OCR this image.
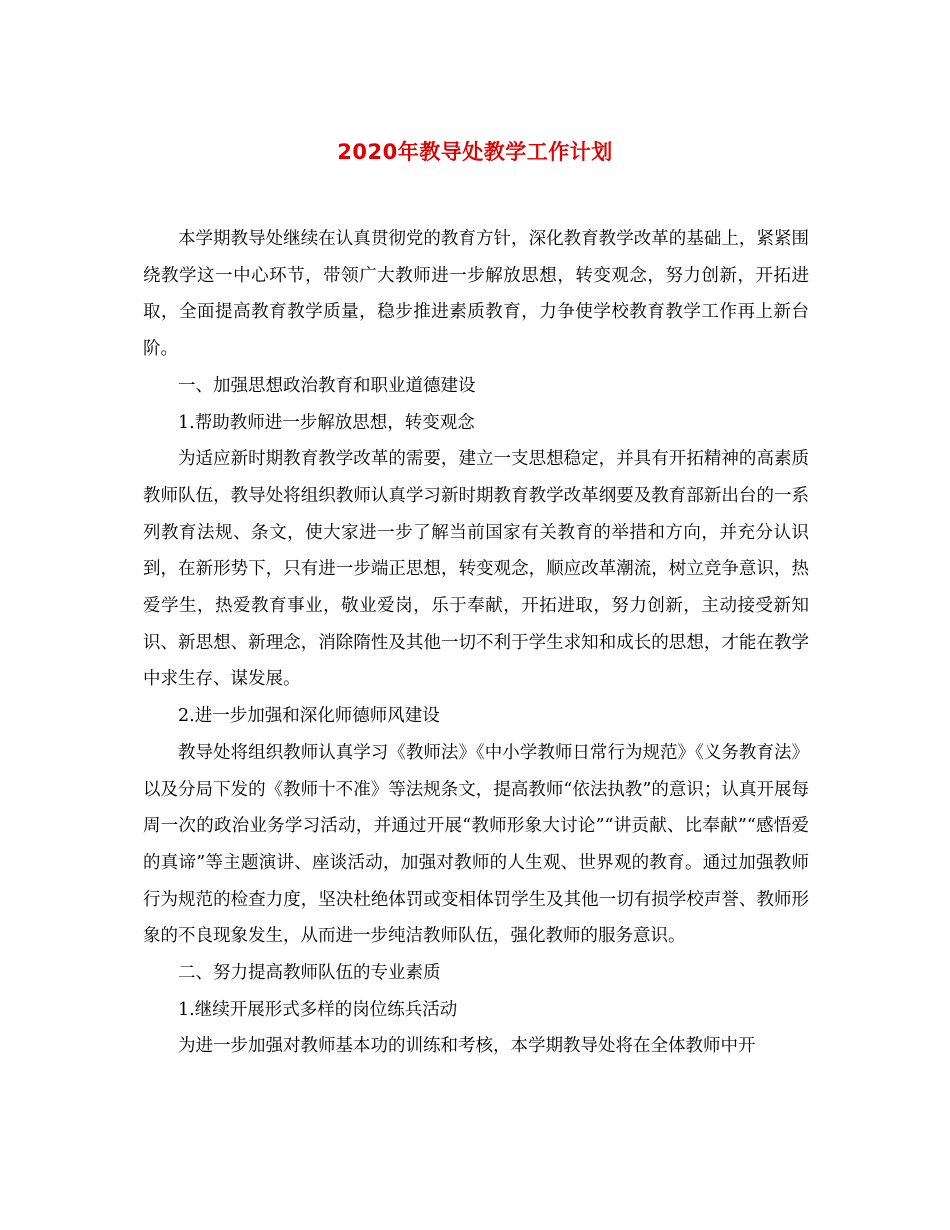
2020年教导处教学工作计划

本学期教导处继续在认真贯彻党的教育方针，深化教育教学改革的基础上，紧紧围绕教学这一中心环节，带领广大教师进一步解放思想，转变观念，努力创新，开拓进取，全面提高教育教学质量，稳步推进素质教育，力争使学校教育教学工作再上新台阶。

一、加强思想政治教育和职业道德建设

1.帮助教师进一步解放思想，转变观念

为适应新时期教育教学改革的需要，建立一支思想稳定，并具有开拓精神的高素质教师队伍，教导处将组织教师认真学习新时期教育教学改革纲要及教育部新出台的一系列教育法规、条文，使大家进一步了解当前国家有关教育的举措和方向，并充分认识到，在新形势下，只有进一步端正思想，转变观念，顺应改革潮流，树立竞争意识，热爱学生，热爱教育事业，敬业爱岗，乐于奉献，开拓进取，努力创新，主动接受新知识、新思想、新理念，消除隋性及其他一切不利于学生求知和成长的思想，才能在教学中求生存、谋发展。

2.进一步加强和深化师德师风建设

教导处将组织教师认真学习《教师法》《中小学教师日常行为规范》《义务教育法》以及分局下发的《教师十不准》等法规条文，提高教师“依法执教”的意识；认真开展每周一次的政治业务学习活动，并通过开展“教师形象大讨论”“讲贡献、比奉献”“感悟爱的真谛”等主题演讲、座谈活动，加强对教师的人生观、世界观的教育。通过加强教师行为规范的检查力度，坚决杜绝体罚或变相体罚学生及其他一切有损学校声誉、教师形象的不良现象发生，从而进一步纯洁教师队伍，强化教师的服务意识。

二、努力提高教师队伍的专业素质

1.继续开展形式多样的岗位练兵活动

为进一步加强对教师基本功的训练和考核，本学期教导处将在全体教师中开
